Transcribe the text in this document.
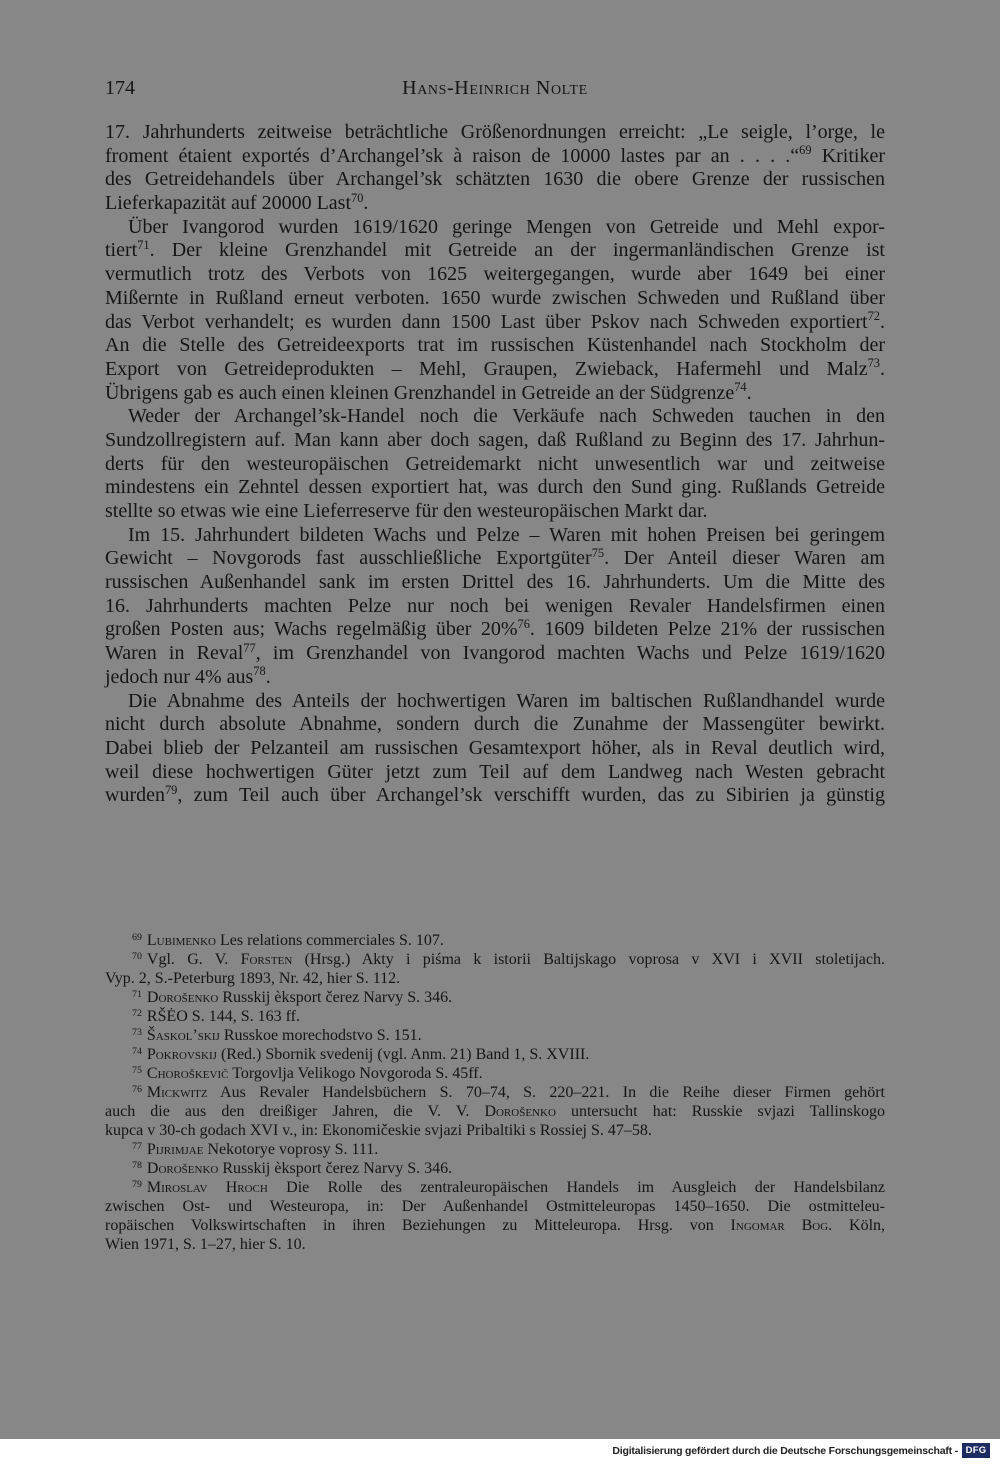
174	Hans-Heinrich Nolte
17. Jahrhunderts zeitweise beträchtliche Größenordnungen erreicht: „Le seigle, l’orge, le
froment étaient exportés d’Archangel’sk à raison de 10000 lastes par an . . . .“$^{69}$ Kritiker
des Getreidehandels über Archangel’sk schätzten 1630 die obere Grenze der russischen
Lieferkapazität auf 20000 Last$^{70}$.
Über Ivangorod wurden 1619/1620 geringe Mengen von Getreide und Mehl expor-
tiert$^{71}$. Der kleine Grenzhandel mit Getreide an der ingermanländischen Grenze ist
vermutlich trotz des Verbots von 1625 weitergegangen, wurde aber 1649 bei einer
Mißernte in Rußland erneut verboten. 1650 wurde zwischen Schweden und Rußland über
das Verbot verhandelt; es wurden dann 1500 Last über Pskov nach Schweden exportiert$^{72}$.
An die Stelle des Getreideexports trat im russischen Küstenhandel nach Stockholm der
Export von Getreideprodukten – Mehl, Graupen, Zwieback, Hafermehl und Malz$^{73}$.
Übrigens gab es auch einen kleinen Grenzhandel in Getreide an der Südgrenze$^{74}$.
Weder der Archangel’sk-Handel noch die Verkäufe nach Schweden tauchen in den
Sundzollregistern auf. Man kann aber doch sagen, daß Rußland zu Beginn des 17. Jahrhun-
derts für den westeuropäischen Getreidemarkt nicht unwesentlich war und zeitweise
mindestens ein Zehntel dessen exportiert hat, was durch den Sund ging. Rußlands Getreide
stellte so etwas wie eine Lieferreserve für den westeuropäischen Markt dar.
Im 15. Jahrhundert bildeten Wachs und Pelze – Waren mit hohen Preisen bei geringem
Gewicht – Novgorods fast ausschließliche Exportgüter$^{75}$. Der Anteil dieser Waren am
russischen Außenhandel sank im ersten Drittel des 16. Jahrhunderts. Um die Mitte des
16. Jahrhunderts machten Pelze nur noch bei wenigen Revaler Handelsfirmen einen
großen Posten aus; Wachs regelmäßig über 20%$^{76}$. 1609 bildeten Pelze 21% der russischen
Waren in Reval$^{77}$, im Grenzhandel von Ivangorod machten Wachs und Pelze 1619/1620
jedoch nur 4% aus$^{78}$.
Die Abnahme des Anteils der hochwertigen Waren im baltischen Rußlandhandel wurde
nicht durch absolute Abnahme, sondern durch die Zunahme der Massengüter bewirkt.
Dabei blieb der Pelzanteil am russischen Gesamtexport höher, als in Reval deutlich wird,
weil diese hochwertigen Güter jetzt zum Teil auf dem Landweg nach Westen gebracht
wurden$^{79}$, zum Teil auch über Archangel’sk verschifft wurden, das zu Sibirien ja günstig
$^{69}$ Lubimenko Les relations commerciales S. 107.
$^{70}$ Vgl. G. V. Forsten (Hrsg.) Akty i piśma k istorii Baltijskago voprosa v XVI i XVII stoletijach.
Vyp. 2, S.-Peterburg 1893, Nr. 42, hier S. 112.
$^{71}$ Dorošenko Russkij èksport čerez Narvy S. 346.
$^{72}$ RŠĖO S. 144, S. 163 ff.
$^{73}$ Šaskol’skij Russkoe morechodstvo S. 151.
$^{74}$ Pokrovskij (Red.) Sbornik svedenij (vgl. Anm. 21) Band 1, S. XVIII.
$^{75}$ Choroškevič Torgovlja Velikogo Novgoroda S. 45ff.
$^{76}$ Mickwitz Aus Revaler Handelsbüchern S. 70–74, S. 220–221. In die Reihe dieser Firmen gehört
auch die aus den dreißiger Jahren, die V. V. Dorošenko untersucht hat: Russkie svjazi Tallinskogo
kupca v 30-ch godach XVI v., in: Ekonomičeskie svjazi Pribaltiki s Rossiej S. 47–58.
$^{77}$ Pijrimjae Nekotorye voprosy S. 111.
$^{78}$ Dorošenko Russkij èksport čerez Narvy S. 346.
$^{79}$ Miroslav Hroch Die Rolle des zentraleuropäischen Handels im Ausgleich der Handelsbilanz
zwischen Ost- und Westeuropa, in: Der Außenhandel Ostmitteleuropas 1450–1650. Die ostmitteleu-
ropäischen Volkswirtschaften in ihren Beziehungen zu Mitteleuropa. Hrsg. von Ingomar Bog. Köln,
Wien 1971, S. 1–27, hier S. 10.
Digitalisierung gefördert durch die Deutsche Forschungsgemeinschaft - DFG
